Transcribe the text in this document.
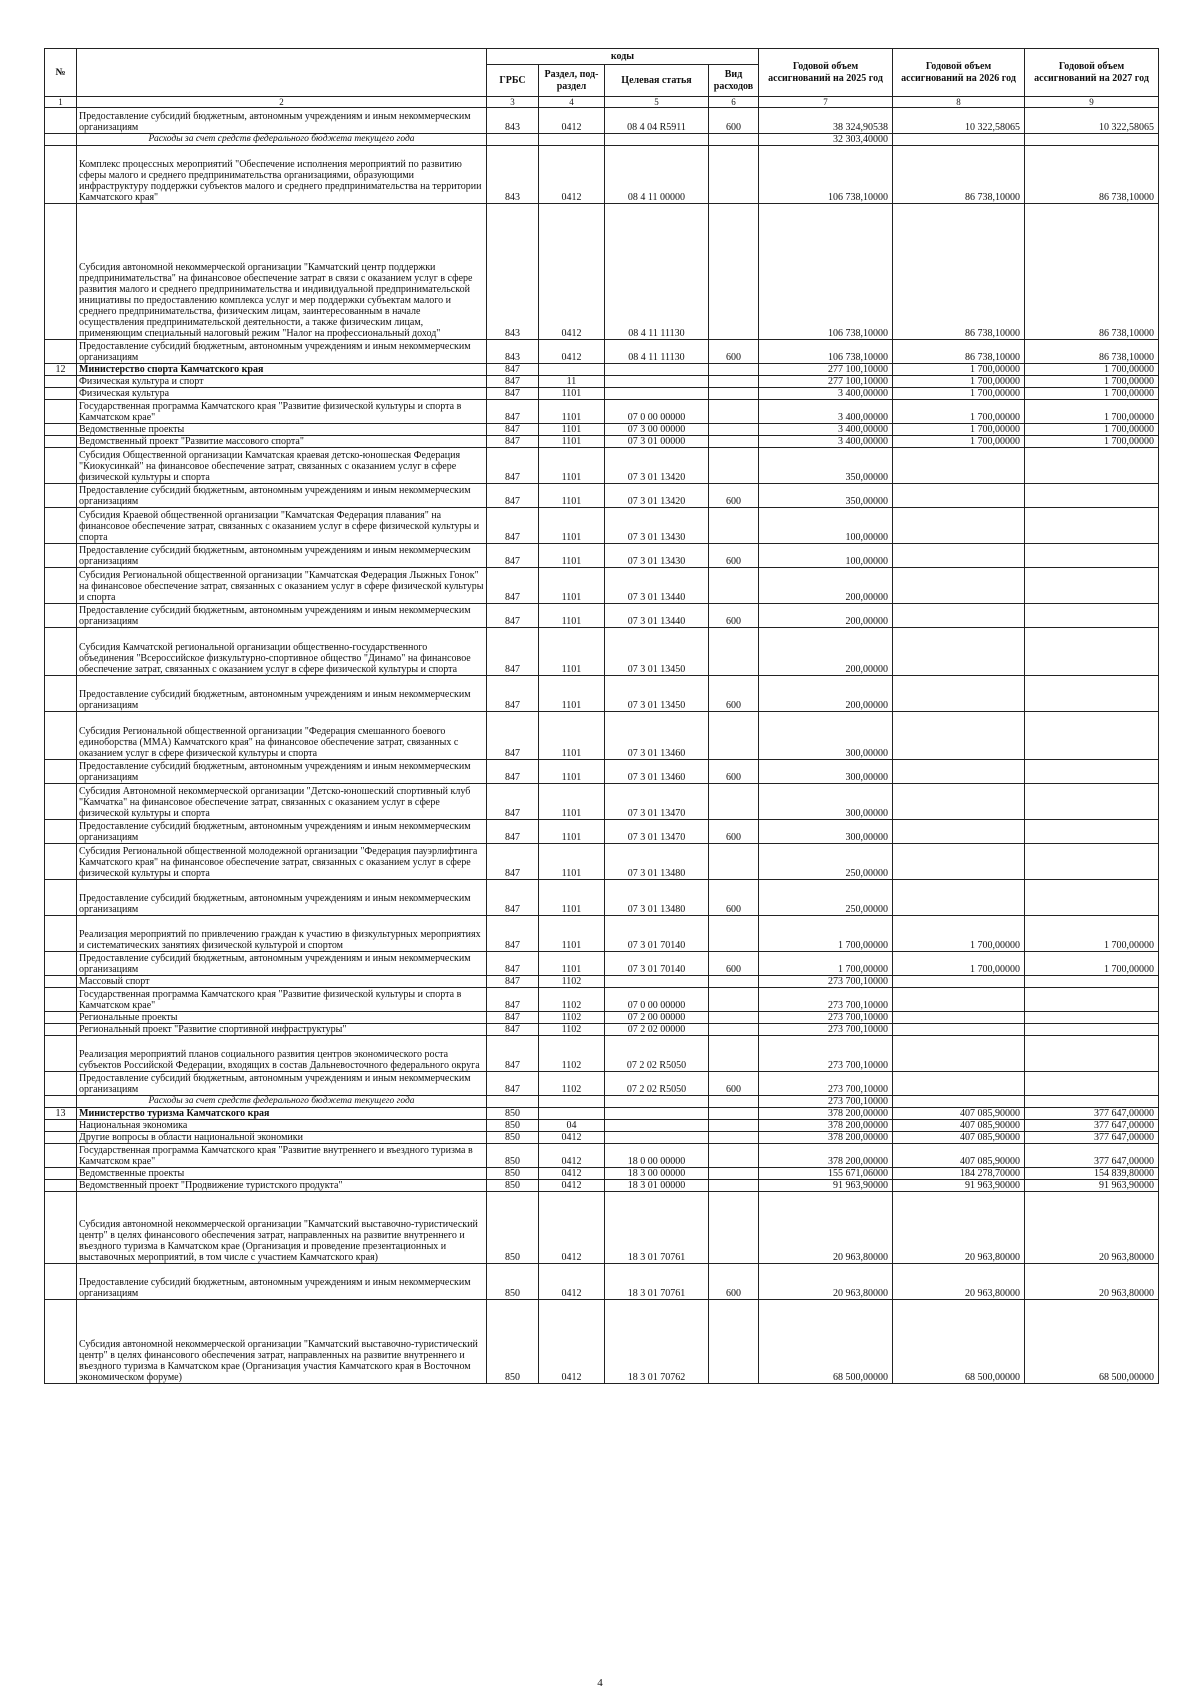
№		коды				Годовой объем ассигнований на 2025 год	Годовой объем ассигнований на 2026 год	Годовой объем ассигнований на 2027 год
		ГРБС	Раздел, под-раздел	Целевая статья	Вид расходов			
1	2	3	4	5	6	7	8	9
	Предоставление субсидий бюджетным, автономным учреждениям и иным некоммерческим организациям	843	0412	08 4 04 R5911	600	38 324,90538	10 322,58065	10 322,58065
	Расходы за счет средств федерального бюджета текущего года					32 303,40000		
	Комплекс процессных мероприятий "Обеспечение исполнения мероприятий по развитию сферы малого и среднего предпринимательства организациями, образующими инфраструктуру поддержки субъектов малого и среднего предпринимательства на территории Камчатского края"	843	0412	08 4 11 00000		106 738,10000	86 738,10000	86 738,10000
	Субсидия автономной некоммерческой организации "Камчатский центр поддержки предпринимательства" на финансовое обеспечение затрат в связи с оказанием услуг в сфере развития малого и среднего предпринимательства и индивидуальной предпринимательской инициативы по предоставлению комплекса услуг и мер поддержки субъектам малого и среднего предпринимательства, физическим лицам, заинтересованным в начале осуществления предпринимательской деятельности, а также физическим лицам, применяющим специальный налоговый режим "Налог на профессиональный доход"	843	0412	08 4 11 11130		106 738,10000	86 738,10000	86 738,10000
	Предоставление субсидий бюджетным, автономным учреждениям и иным некоммерческим организациям	843	0412	08 4 11 11130	600	106 738,10000	86 738,10000	86 738,10000
12	Министерство спорта Камчатского края	847				277 100,10000	1 700,00000	1 700,00000
	Физическая культура и спорт	847	11			277 100,10000	1 700,00000	1 700,00000
	Физическая культура	847	1101			3 400,00000	1 700,00000	1 700,00000
	Государственная программа Камчатского края "Развитие физической культуры и спорта в Камчатском крае"	847	1101	07 0 00 00000		3 400,00000	1 700,00000	1 700,00000
	Ведомственные проекты	847	1101	07 3 00 00000		3 400,00000	1 700,00000	1 700,00000
	Ведомственный проект "Развитие массового спорта"	847	1101	07 3 01 00000		3 400,00000	1 700,00000	1 700,00000
	Субсидия Общественной организации Камчатская краевая детско-юношеская Федерация "Киокусинкай" на финансовое обеспечение затрат, связанных с оказанием услуг в сфере физической культуры и спорта	847	1101	07 3 01 13420		350,00000		
	Предоставление субсидий бюджетным, автономным учреждениям и иным некоммерческим организациям	847	1101	07 3 01 13420	600	350,00000		
	Субсидия Краевой общественной организации "Камчатская Федерация плавания" на финансовое обеспечение затрат, связанных с оказанием услуг в сфере физической культуры и спорта	847	1101	07 3 01 13430		100,00000		
	Предоставление субсидий бюджетным, автономным учреждениям и иным некоммерческим организациям	847	1101	07 3 01 13430	600	100,00000		
	Субсидия Региональной общественной организации "Камчатская Федерация Лыжных Гонок" на финансовое обеспечение затрат, связанных с оказанием услуг в сфере физической культуры и спорта	847	1101	07 3 01 13440		200,00000		
	Предоставление субсидий бюджетным, автономным учреждениям и иным некоммерческим организациям	847	1101	07 3 01 13440	600	200,00000		
	Субсидия Камчатской региональной организации общественно-государственного объединения "Всероссийское физкультурно-спортивное общество "Динамо" на финансовое обеспечение затрат, связанных с оказанием услуг в сфере физической культуры и спорта	847	1101	07 3 01 13450		200,00000		
	Предоставление субсидий бюджетным, автономным учреждениям и иным некоммерческим организациям	847	1101	07 3 01 13450	600	200,00000		
	Субсидия Региональной общественной организации "Федерация смешанного боевого единоборства (ММА) Камчатского края" на финансовое обеспечение затрат, связанных с оказанием услуг в сфере физической культуры и спорта	847	1101	07 3 01 13460		300,00000		
	Предоставление субсидий бюджетным, автономным учреждениям и иным некоммерческим организациям	847	1101	07 3 01 13460	600	300,00000		
	Субсидия Автономной некоммерческой организации "Детско-юношеский спортивный клуб "Камчатка" на финансовое обеспечение затрат, связанных с оказанием услуг в сфере физической культуры и спорта	847	1101	07 3 01 13470		300,00000		
	Предоставление субсидий бюджетным, автономным учреждениям и иным некоммерческим организациям	847	1101	07 3 01 13470	600	300,00000		
	Субсидия Региональной общественной молодежной организации "Федерация пауэрлифтинга Камчатского края" на финансовое обеспечение затрат, связанных с оказанием услуг в сфере физической культуры и спорта	847	1101	07 3 01 13480		250,00000		
	Предоставление субсидий бюджетным, автономным учреждениям и иным некоммерческим организациям	847	1101	07 3 01 13480	600	250,00000		
	Реализация мероприятий по привлечению граждан к участию в физкультурных мероприятиях и систематических занятиях физической культурой и спортом	847	1101	07 3 01 70140		1 700,00000	1 700,00000	1 700,00000
	Предоставление субсидий бюджетным, автономным учреждениям и иным некоммерческим организациям	847	1101	07 3 01 70140	600	1 700,00000	1 700,00000	1 700,00000
	Массовый спорт	847	1102			273 700,10000		
	Государственная программа Камчатского края "Развитие физической культуры и спорта в Камчатском крае"	847	1102	07 0 00 00000		273 700,10000		
	Региональные проекты	847	1102	07 2 00 00000		273 700,10000		
	Региональный проект "Развитие спортивной инфраструктуры"	847	1102	07 2 02 00000		273 700,10000		
	Реализация мероприятий планов социального развития центров экономического роста субъектов Российской Федерации, входящих в состав Дальневосточного федерального округа	847	1102	07 2 02 R5050		273 700,10000		
	Предоставление субсидий бюджетным, автономным учреждениям и иным некоммерческим организациям	847	1102	07 2 02 R5050	600	273 700,10000		
	Расходы за счет средств федерального бюджета текущего года					273 700,10000		
13	Министерство туризма Камчатского края	850				378 200,00000	407 085,90000	377 647,00000
	Национальная экономика	850	04			378 200,00000	407 085,90000	377 647,00000
	Другие вопросы в области национальной экономики	850	0412			378 200,00000	407 085,90000	377 647,00000
	Государственная программа Камчатского края "Развитие внутреннего и въездного туризма в Камчатском крае"	850	0412	18 0 00 00000		378 200,00000	407 085,90000	377 647,00000
	Ведомственные проекты	850	0412	18 3 00 00000		155 671,06000	184 278,70000	154 839,80000
	Ведомственный проект "Продвижение туристского продукта"	850	0412	18 3 01 00000		91 963,90000	91 963,90000	91 963,90000
	Субсидия автономной некоммерческой организации "Камчатский выставочно-туристический центр" в целях финансового обеспечения затрат, направленных на развитие внутреннего и въездного туризма в Камчатском крае (Организация и проведение презентационных и выставочных мероприятий, в том числе с участием Камчатского края)	850	0412	18 3 01 70761		20 963,80000	20 963,80000	20 963,80000
	Предоставление субсидий бюджетным, автономным учреждениям и иным некоммерческим организациям	850	0412	18 3 01 70761	600	20 963,80000	20 963,80000	20 963,80000
	Субсидия автономной некоммерческой организации "Камчатский выставочно-туристический центр" в целях финансового обеспечения затрат, направленных на развитие внутреннего и въездного туризма в Камчатском крае (Организация участия Камчатского края в Восточном экономическом форуме)	850	0412	18 3 01 70762		68 500,00000	68 500,00000	68 500,00000
4
